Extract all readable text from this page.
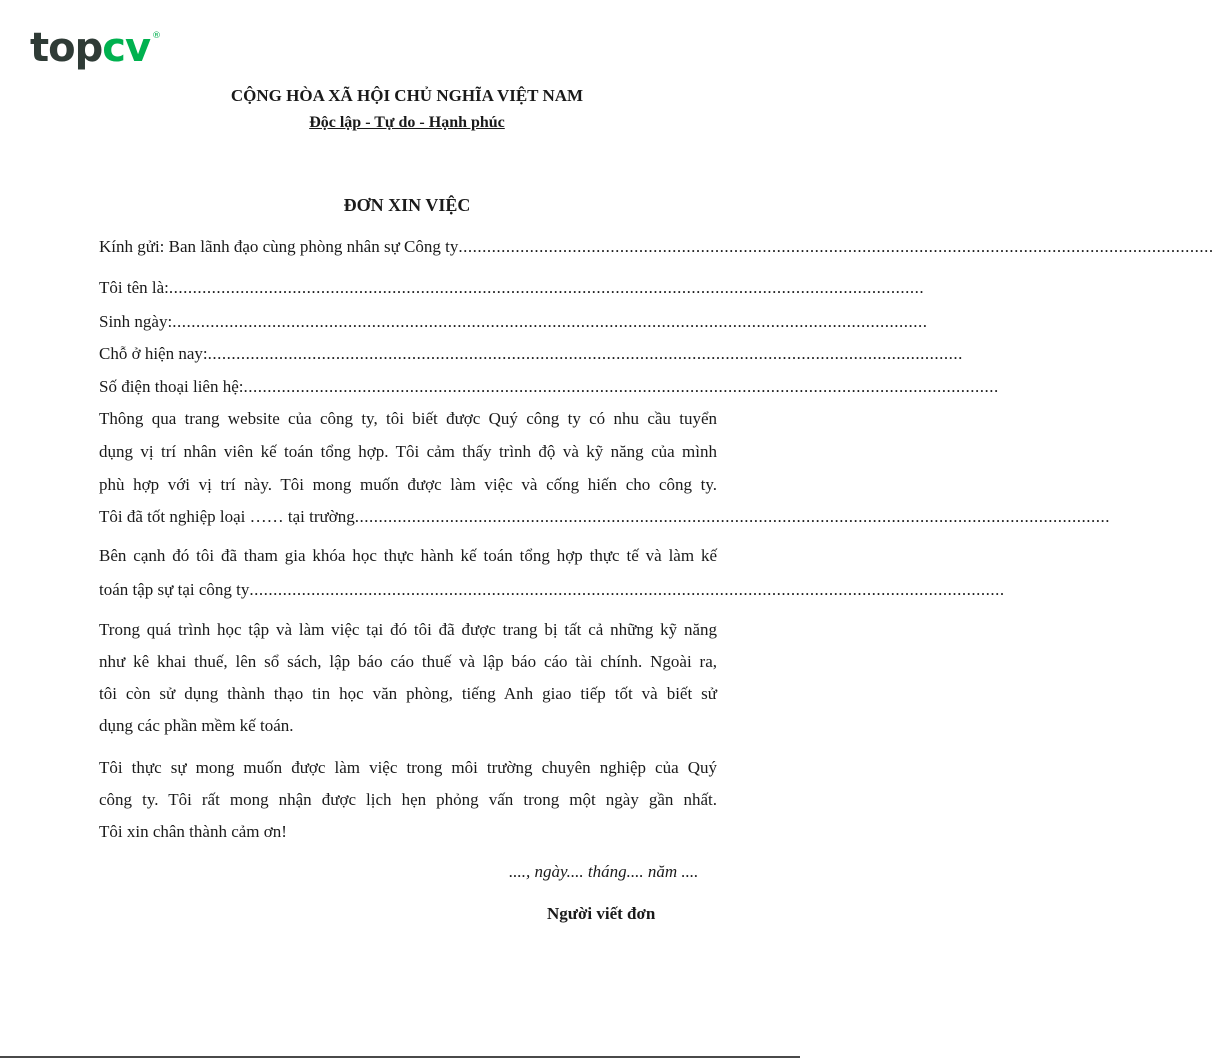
topcv ®
CỘNG HÒA XÃ HỘI CHỦ NGHĨA VIỆT NAM
Độc lập - Tự do - Hạnh phúc
ĐƠN XIN VIỆC
Kính gửi: Ban lãnh đạo cùng phòng nhân sự Công ty ...............................................................................................................................................................
Tôi tên là: ...............................................................................................................................................................
Sinh ngày: ...............................................................................................................................................................
Chỗ ở hiện nay: ...............................................................................................................................................................
Số điện thoại liên hệ: ...............................................................................................................................................................
Thông qua trang website của công ty, tôi biết được Quý công ty có nhu cầu tuyển
dụng vị trí nhân viên kế toán tổng hợp. Tôi cảm thấy trình độ và kỹ năng của mình
phù hợp với vị trí này. Tôi mong muốn được làm việc và cống hiến cho công ty.
Tôi đã tốt nghiệp loại …… tại trường ...............................................................................................................................................................
Bên cạnh đó tôi đã tham gia khóa học thực hành kế toán tổng hợp thực tế và làm kế
toán tập sự tại công ty ...............................................................................................................................................................
Trong quá trình học tập và làm việc tại đó tôi đã được trang bị tất cả những kỹ năng
như kê khai thuế, lên sổ sách, lập báo cáo thuế và lập báo cáo tài chính. Ngoài ra,
tôi còn sử dụng thành thạo tin học văn phòng, tiếng Anh giao tiếp tốt và biết sử
dụng các phần mềm kế toán.
Tôi thực sự mong muốn được làm việc trong môi trường chuyên nghiệp của Quý
công ty. Tôi rất mong nhận được lịch hẹn phỏng vấn trong một ngày gần nhất.
Tôi xin chân thành cảm ơn!
...., ngày.... tháng.... năm ....
Người viết đơn
